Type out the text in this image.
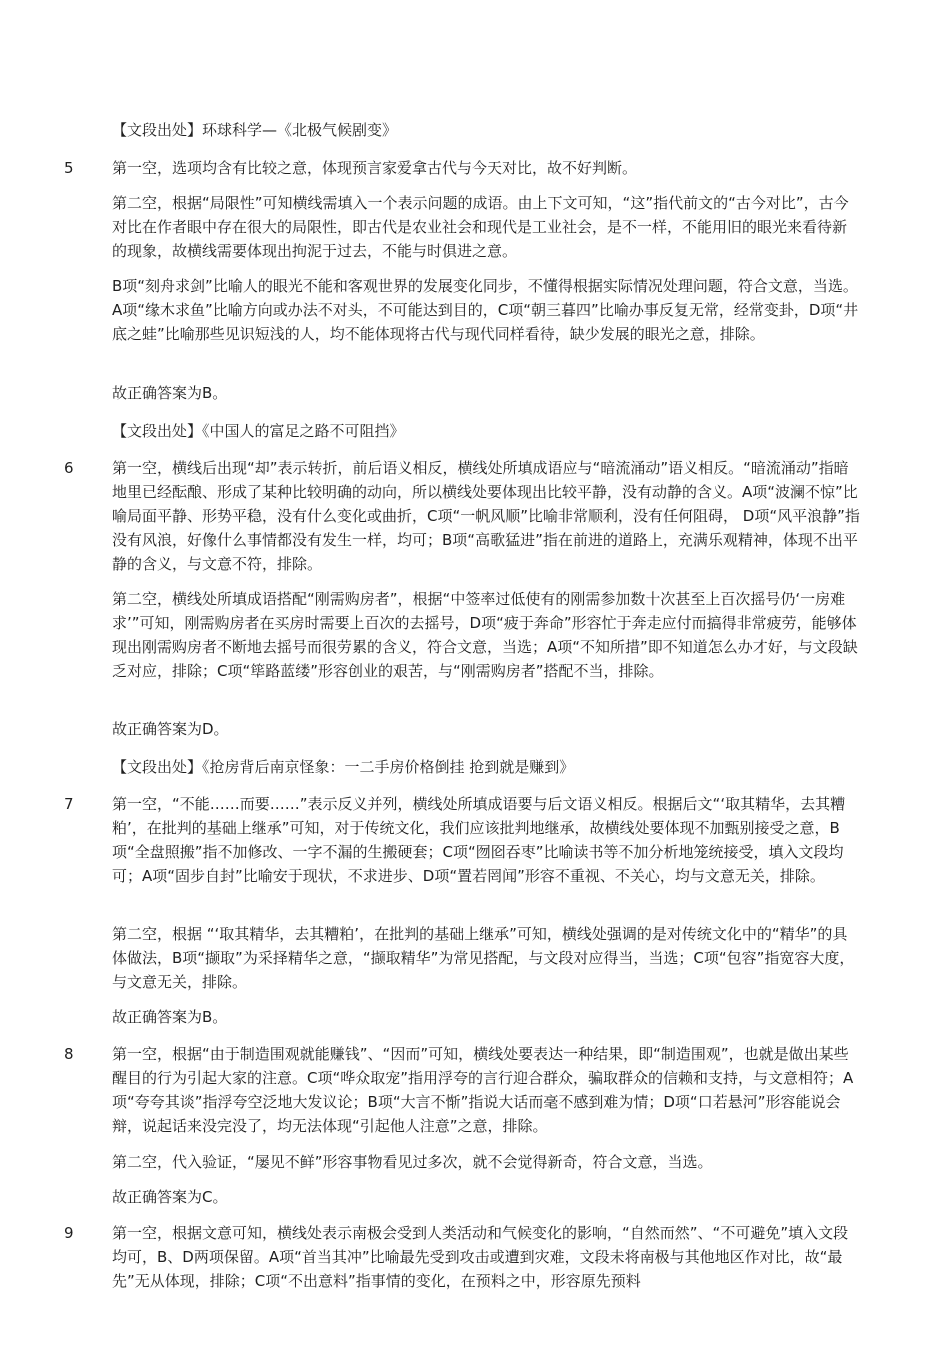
【文段出处】环球科学—《北极气候剧变》

5	第一空，选项均含有比较之意，体现预言家爱拿古代与今天对比，故不好判断。

第二空，根据“局限性”可知横线需填入一个表示问题的成语。由上下文可知，“这”指代前文的“古今对比”，古今对比在作者眼中存在很大的局限性，即古代是农业社会和现代是工业社会，是不一样，不能用旧的眼光来看待新的现象，故横线需要体现出拘泥于过去，不能与时俱进之意。

B项“刻舟求剑”比喻人的眼光不能和客观世界的发展变化同步，不懂得根据实际情况处理问题，符合文意，当选。A项“缘木求鱼”比喻方向或办法不对头，不可能达到目的，C项“朝三暮四”比喻办事反复无常，经常变卦，D项“井底之蛙”比喻那些见识短浅的人，均不能体现将古代与现代同样看待，缺少发展的眼光之意，排除。

故正确答案为B。

【文段出处】《中国人的富足之路不可阻挡》

6	第一空，横线后出现“却”表示转折，前后语义相反，横线处所填成语应与“暗流涌动”语义相反。“暗流涌动”指暗地里已经酝酿、形成了某种比较明确的动向，所以横线处要体现出比较平静，没有动静的含义。A项“波澜不惊”比喻局面平静、形势平稳，没有什么变化或曲折，C项“一帆风顺”比喻非常顺利，没有任何阻碍， D项“风平浪静”指没有风浪，好像什么事情都没有发生一样，均可；B项“高歌猛进”指在前进的道路上，充满乐观精神，体现不出平静的含义，与文意不符，排除。

第二空，横线处所填成语搭配“刚需购房者”，根据“中签率过低使有的刚需参加数十次甚至上百次摇号仍‘一房难求’”可知，刚需购房者在买房时需要上百次的去摇号，D项“疲于奔命”形容忙于奔走应付而搞得非常疲劳，能够体现出刚需购房者不断地去摇号而很劳累的含义，符合文意，当选；A项“不知所措”即不知道怎么办才好，与文段缺乏对应，排除；C项“筚路蓝缕”形容创业的艰苦，与“刚需购房者”搭配不当，排除。

故正确答案为D。

【文段出处】《抢房背后南京怪象：一二手房价格倒挂 抢到就是赚到》

7	第一空，“不能……而要……”表示反义并列，横线处所填成语要与后文语义相反。根据后文“‘取其精华，去其糟粕’，在批判的基础上继承”可知，对于传统文化，我们应该批判地继承，故横线处要体现不加甄别接受之意，B项“全盘照搬”指不加修改、一字不漏的生搬硬套；C项“囫囵吞枣”比喻读书等不加分析地笼统接受，填入文段均可；A项“固步自封”比喻安于现状，不求进步、D项“置若罔闻”形容不重视、不关心，均与文意无关，排除。

第二空，根据 “‘取其精华，去其糟粕’，在批判的基础上继承”可知，横线处强调的是对传统文化中的“精华”的具体做法，B项“撷取”为采择精华之意，“撷取精华”为常见搭配，与文段对应得当，当选；C项“包容”指宽容大度，与文意无关，排除。

故正确答案为B。

8	第一空，根据“由于制造围观就能赚钱”、“因而”可知，横线处要表达一种结果，即“制造围观”，也就是做出某些醒目的行为引起大家的注意。C项“哗众取宠”指用浮夸的言行迎合群众，骗取群众的信赖和支持，与文意相符；A项“夸夸其谈”指浮夸空泛地大发议论；B项“大言不惭”指说大话而毫不感到难为情；D项“口若悬河”形容能说会辩，说起话来没完没了，均无法体现“引起他人注意”之意，排除。

第二空，代入验证，“屡见不鲜”形容事物看见过多次，就不会觉得新奇，符合文意，当选。

故正确答案为C。

9	第一空，根据文意可知，横线处表示南极会受到人类活动和气候变化的影响，“自然而然”、“不可避免”填入文段均可，B、D两项保留。A项“首当其冲”比喻最先受到攻击或遭到灾难，文段未将南极与其他地区作对比，故“最先”无从体现，排除；C项“不出意料”指事情的变化，在预料之中，形容原先预料
